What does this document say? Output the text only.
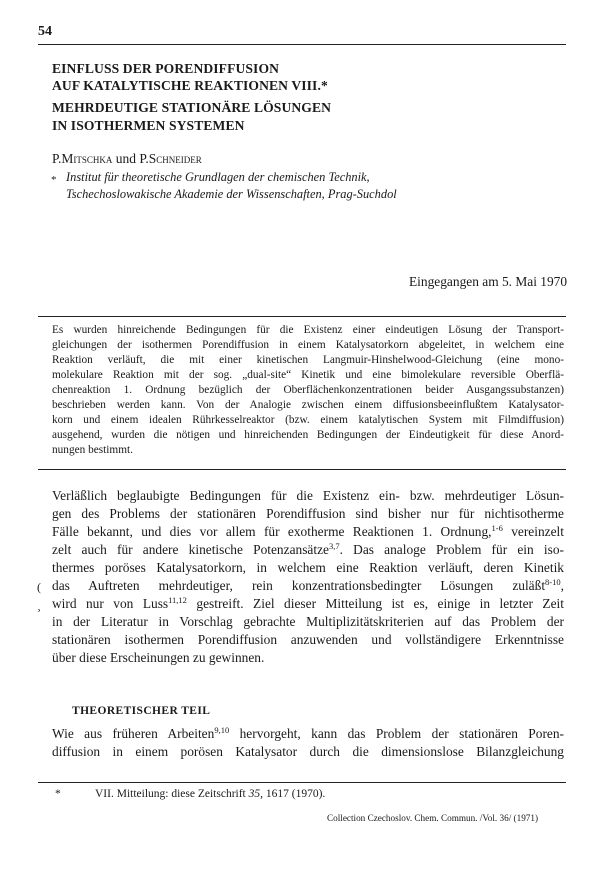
54
EINFLUSS DER PORENDIFFUSION
AUF KATALYTISCHE REAKTIONEN VIII.*
MEHRDEUTIGE STATIONÄRE LÖSUNGEN
IN ISOTHERMEN SYSTEMEN
P.Mitschka und P.Schneider
* Institut für theoretische Grundlagen der chemischen Technik,
Tschechoslowakische Akademie der Wissenschaften, Prag-Suchdol
Eingegangen am 5. Mai 1970
Es wurden hinreichende Bedingungen für die Existenz einer eindeutigen Lösung der Transport-
gleichungen der isothermen Porendiffusion in einem Katalysatorkorn abgeleitet, in welchem eine
Reaktion verläuft, die mit einer kinetischen Langmuir-Hinshelwood-Gleichung (eine mono-
molekulare Reaktion mit der sog. „dual-site“ Kinetik und eine bimolekulare reversible Oberflä-
chenreaktion 1. Ordnung bezüglich der Oberflächenkonzentrationen beider Ausgangssubstanzen)
beschrieben werden kann. Von der Analogie zwischen einem diffusionsbeeinflußtem Katalysator-
korn und einem idealen Rührkesselreaktor (bzw. einem katalytischen System mit Filmdiffusion)
ausgehend, wurden die nötigen und hinreichenden Bedingungen der Eindeutigkeit für diese Anord-
nungen bestimmt.
Verläßlich beglaubigte Bedingungen für die Existenz ein- bzw. mehrdeutiger Lösun-
gen des Problems der stationären Porendiffusion sind bisher nur für nichtisotherme
Fälle bekannt, und dies vor allem für exotherme Reaktionen 1. Ordnung,$^{1-6}$ vereinzelt
zelt auch für andere kinetische Potenzansätze$^{3,7}$. Das analoge Problem für ein iso-
thermes poröses Katalysatorkorn, in welchem eine Reaktion verläuft, deren Kinetik
das Auftreten mehrdeutiger, rein konzentrationsbedingter Lösungen zuläßt$^{8-10}$,
wird nur von Luss$^{11,12}$ gestreift. Ziel dieser Mitteilung ist es, einige in letzter Zeit
in der Literatur in Vorschlag gebrachte Multiplizitätskriterien auf das Problem der
stationären isothermen Porendiffusion anzuwenden und vollständigere Erkenntnisse
über diese Erscheinungen zu gewinnen.
(
¸
THEORETISCHER TEIL
Wie aus früheren Arbeiten$^{9,10}$ hervorgeht, kann das Problem der stationären Poren-
diffusion in einem porösen Katalysator durch die dimensionslose Bilanzgleichung
*	VII. Mitteilung: diese Zeitschrift 35, 1617 (1970).
Collection Czechoslov. Chem. Commun. /Vol. 36/ (1971)
